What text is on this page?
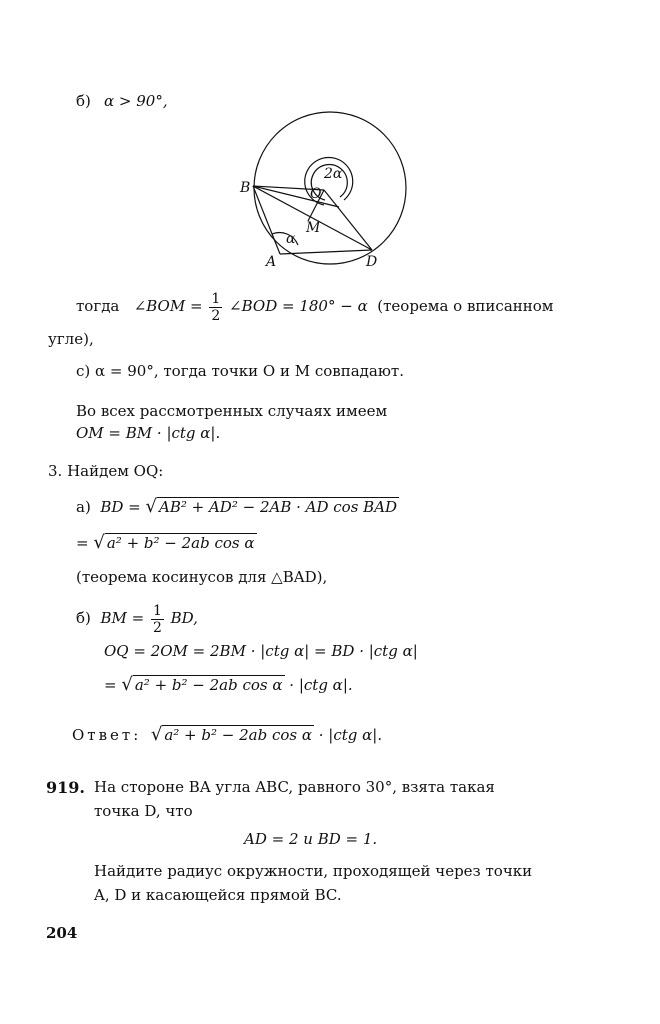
б) α > 90°,
B	O
M
A	D
2α
α
тогда ∠BOM = $\frac{1}{2}$ ∠BOD = 180° − α (теорема о вписанном
угле),
с) α = 90°, тогда точки O и M совпадают.
Во всех рассмотренных случаях имеем
OM = BM · |ctg α|.
3. Найдем OQ:
а) BD = √ AB² + AD² − 2AB · AD cos BAD
= √ a² + b² − 2ab cos α
(теорема косинусов для △BAD),
б) BM = $\frac{1}{2}$ BD,
OQ = 2OM = 2BM · |ctg α| = BD · |ctg α|
= √ a² + b² − 2ab cos α · |ctg α|.
Ответ: √ a² + b² − 2ab cos α · |ctg α|.
919. На стороне BA угла ABC, равного 30°, взята такая
точка D, что
AD = 2 и BD = 1.
Найдите радиус окружности, проходящей через точки
A, D и касающейся прямой BC.
204
